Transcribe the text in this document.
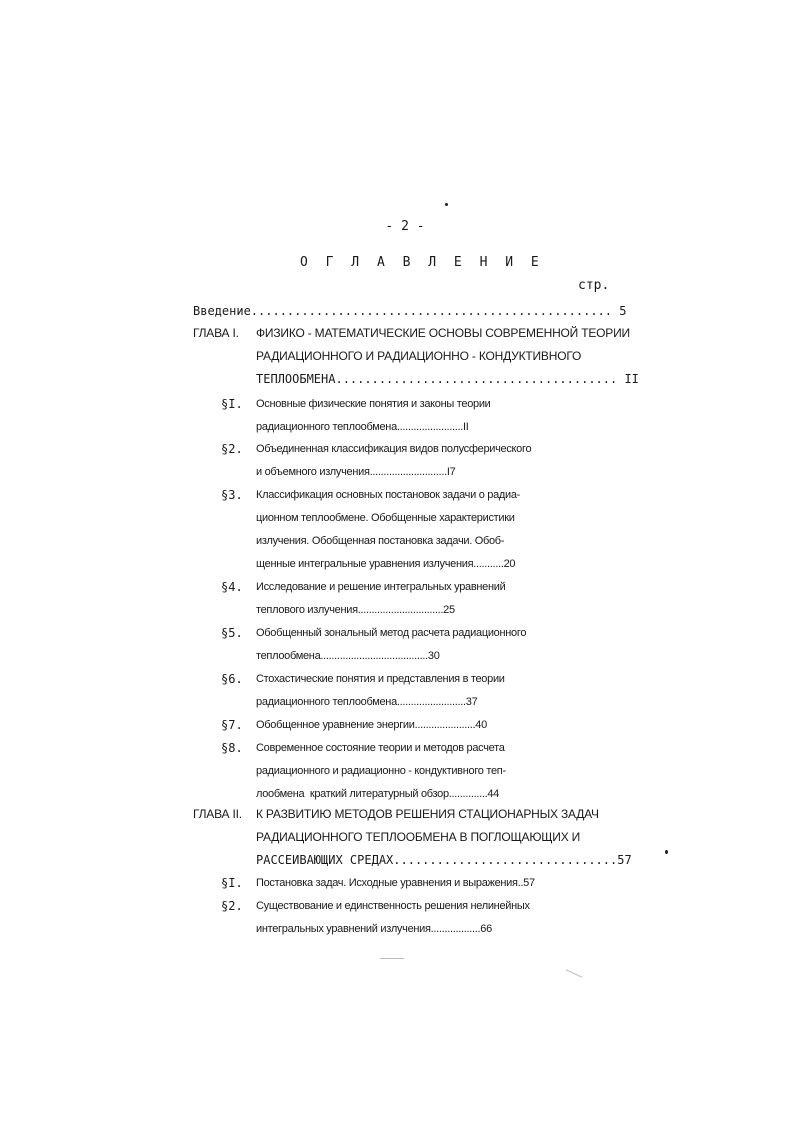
- 2 -
О Г Л А В Л Е Н И Е
стр.
Введение.................................................. 5
ГЛАВА I. ФИЗИКО - МАТЕМАТИЧЕСКИЕ ОСНОВЫ СОВРЕМЕННОЙ ТЕОРИИ
РАДИАЦИОННОГО И РАДИАЦИОННО - КОНДУКТИВНОГО
ТЕПЛООБМЕНА....................................... II
§I. Основные физические понятия и законы теории
радиационного теплообмена........................II
§2. Объединенная классификация видов полусферического
и объемного излучения............................I7
§3. Классификация основных постановок задачи о радиа-
ционном теплообмене. Обобщенные характеристики
излучения. Обобщенная постановка задачи. Обоб-
щенные интегральные уравнения излучения...........20
§4. Исследование и решение интегральных уравнений
теплового излучения...............................25
§5. Обобщенный зональный метод расчета радиационного
теплообмена.......................................30
§6. Стохастические понятия и представления в теории
радиационного теплообмена.........................37
§7. Обобщенное уравнение энергии......................40
§8. Современное состояние теории и методов расчета
радиационного и радиационно - кондуктивного теп-
лообмена  краткий литературный обзор..............44
ГЛАВА II. К РАЗВИТИЮ МЕТОДОВ РЕШЕНИЯ СТАЦИОНАРНЫХ ЗАДАЧ
РАДИАЦИОННОГО ТЕПЛООБМЕНА В ПОГЛОЩАЮЩИХ И
РАССЕИВАЮЩИХ СРЕДАХ...............................57
§I. Постановка задач. Исходные уравнения и выражения..57
§2. Существование и единственность решения нелинейных
интегральных уравнений излучения..................66
